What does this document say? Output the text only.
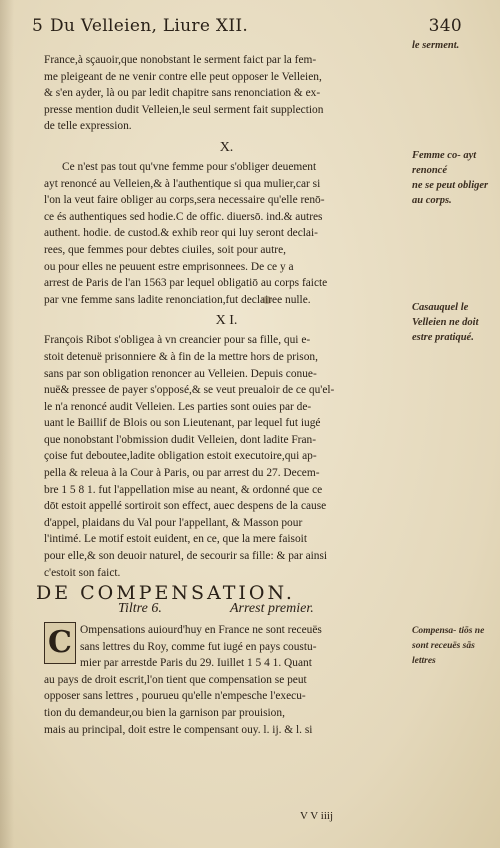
5 Du Velleien, Liure XII.	340
le serment.
Femme co- ayt renoncé
ne se peut obliger au corps.
Casauquel le Velleien ne doit estre pratiqué.
Compensa- tiōs ne sont receuës sās lettres

France,à sçauoir,que nonobstant le serment faict par la fem-
me pleigeant de ne venir contre elle peut opposer le Velleien,
& s'en ayder, là ou par ledit chapitre sans renonciation & ex-
presse mention dudit Velleien,le seul serment fait supplection
de telle expression.

X.

Ce n'est pas tout qu'vne femme pour s'obliger deuement
ayt renoncé au Velleien,& à l'authentique si qua mulier,car si
l'on la veut faire obliger au corps,sera necessaire qu'elle renō-
ce és authentiques sed hodie.C de offic. diuersō. ind.& autres
authent. hodie. de custod.& exhib reor qui luy seront declai-
rees, que femmes pour debtes ciuiles, soit pour autre,
ou pour elles ne peuuent estre emprisonnees. De ce y a
arrest de Paris de l'an 1563 par lequel obligatiō au corps faicte
par vne femme sans ladite renonciation,fut declairee nulle.

X I.

François Ribot s'obligea à vn creancier pour sa fille, qui e-
stoit detenuë prisonniere & à fin de la mettre hors de prison,
sans par son obligation renoncer au Velleien. Depuis conue-
nuë& pressee de payer s'opposé,& se veut preualoir de ce qu'el-
le n'a renoncé audit Velleien. Les parties sont ouies par de-
uant le Baillif de Blois ou son Lieutenant, par lequel fut iugé
que nonobstant l'obmission dudit Velleien, dont ladite Fran-
çoise fut deboutee,ladite obligation estoit executoire,qui ap-
pella & releua à la Cour à Paris, ou par arrest du 27. Decem-
bre 1 5 8 1. fut l'appellation mise au neant, & ordonné que ce
dōt estoit appellé sortiroit son effect, auec despens de la cause
d'appel, plaidans du Val pour l'appellant, & Masson pour
l'intimé. Le motif estoit euident, en ce, que la mere faisoit
pour elle,& son deuoir naturel, de secourir sa fille: & par ainsi
c'estoit son faict.

DE COMPENSATION.
Tiltre 6.	Arrest premier.
C Ompensations auiourd'huy en France ne sont receuës
sans lettres du Roy, comme fut iugé en pays coustu-
mier par arrestde Paris du 29. Iuillet 1 5 4 1. Quant
au pays de droit escrit,l'on tient que compensation se peut
opposer sans lettres , pourueu qu'elle n'empesche l'execu-
tion du demandeur,ou bien la garnison par prouision,
mais au principal, doit estre le compensant ouy. l. ij. & l. si
V V iiij
